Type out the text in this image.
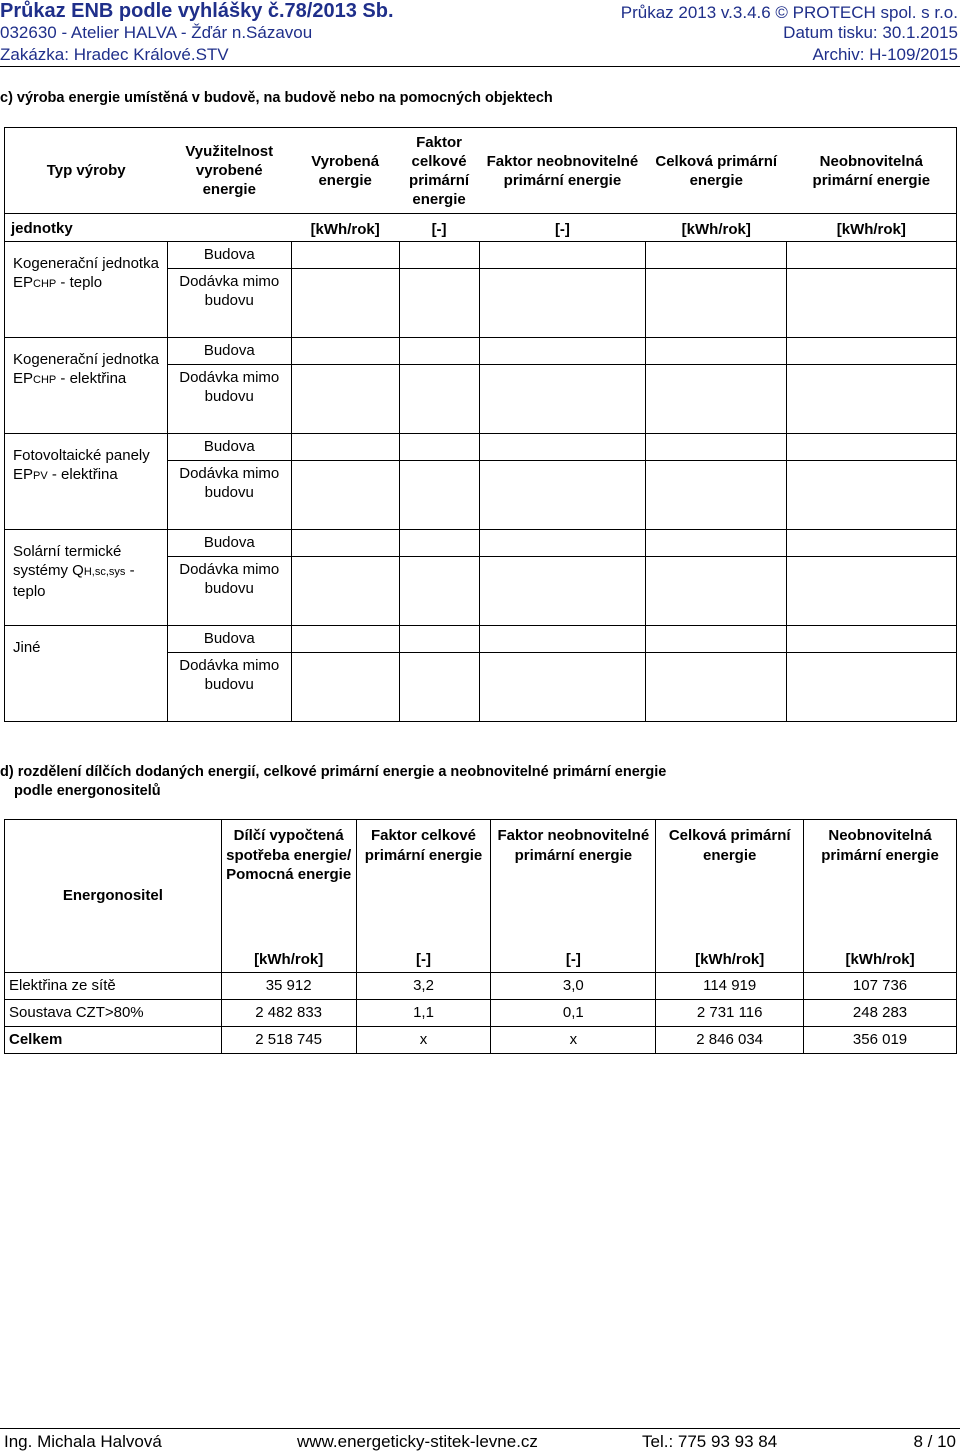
Průkaz ENB podle vyhlášky č.78/2013 Sb.	Průkaz 2013 v.3.4.6 © PROTECH spol. s r.o.
032630 - Atelier HALVA - Žďár n.Sázavou	Datum tisku: 30.1.2015
Zakázka: Hradec Králové.STV	Archiv: H-109/2015
c) výroba energie umístěná v budově, na budově nebo na pomocných objektech
Typ výroby	Využitelnost vyrobené energie	Vyrobená energie	Faktor celkové primární energie	Faktor neobnovitelné primární energie	Celková primární energie	Neobnovitelná primární energie
jednotky		[kWh/rok]	[-]	[-]	[kWh/rok]	[kWh/rok]
Kogenerační jednotka EPCHP - teplo	Budova					
	Dodávka mimo budovu					
Kogenerační jednotka EPCHP - elektřina	Budova					
	Dodávka mimo budovu					
Fotovoltaické panely EPPV - elektřina	Budova					
	Dodávka mimo budovu					
Solární termické systémy QH,sc,sys - teplo	Budova					
	Dodávka mimo budovu					
Jiné	Budova					
	Dodávka mimo budovu					
d) rozdělení dílčích dodaných energií, celkové primární energie a neobnovitelné primární energie
podle energonositelů
Energonositel	Dílčí vypočtená spotřeba energie/ Pomocná energie	Faktor celkové primární energie	Faktor neobnovitelné primární energie	Celková primární energie	Neobnovitelná primární energie
	[kWh/rok]	[-]	[-]	[kWh/rok]	[kWh/rok]
Elektřina ze sítě	35 912	3,2	3,0	114 919	107 736
Soustava CZT>80%	2 482 833	1,1	0,1	2 731 116	248 283
Celkem	2 518 745	x	x	2 846 034	356 019
Ing. Michala Halvová	www.energeticky-stitek-levne.cz	Tel.: 775 93 93 84	8 / 10
